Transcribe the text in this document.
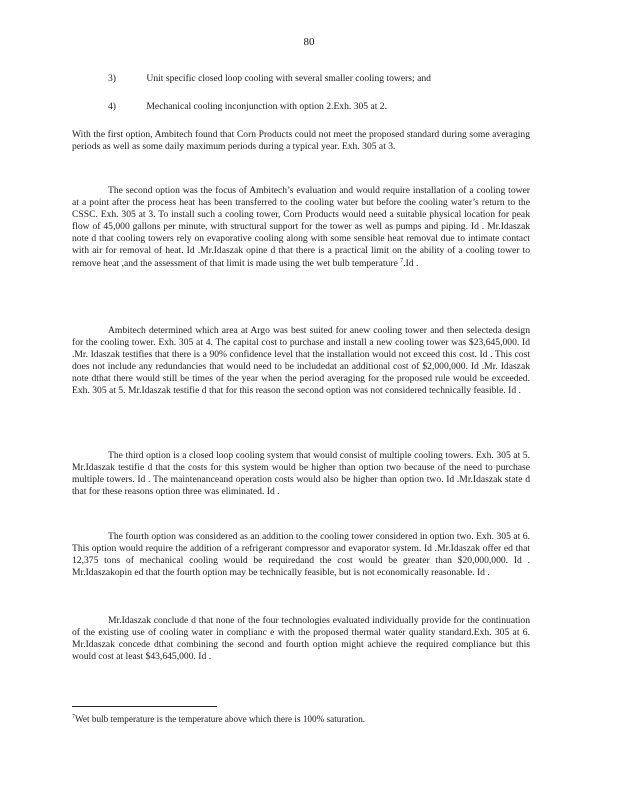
80
3)	Unit specific closed loop cooling with several smaller cooling towers; and
4)	Mechanical cooling inconjunction with option 2.Exh. 305 at 2.

With the first option, Ambitech found that Corn Products could not meet the proposed standard during some averaging periods as well as some daily maximum periods during a typical year. Exh. 305 at 3.

The second option was the focus of Ambitech’s evaluation and would require installation of a cooling tower at a point after the process heat has been transferred to the cooling water but before the cooling water’s return to the CSSC. Exh. 305 at 3. To install such a cooling tower, Corn Products would need a suitable physical location for peak flow of 45,000 gallons per minute, with structural support for the tower as well as pumps and piping. Id . Mr.Idaszak note d that cooling towers rely on evaporative cooling along with some sensible heat removal due to intimate contact with air for removal of heat. Id .Mr.Idaszak opine d that there is a practical limit on the ability of a cooling tower to remove heat ,and the assessment of that limit is made using the wet bulb temperature $^7$.Id .

Ambitech determined which area at Argo was best suited for anew cooling tower and then selecteda design for the cooling tower. Exh. 305 at 4. The capital cost to purchase and install a new cooling tower was $23,645,000. Id .Mr. Idaszak testifies that there is a 90% confidence level that the installation would not exceed this cost. Id . This cost does not include any redundancies that would need to be includedat an additional cost of $2,000,000. Id .Mr. Idaszak note dthat there would still be times of the year when the period averaging for the proposed rule would be exceeded. Exh. 305 at 5. Mr.Idaszak testifie d that for this reason the second option was not considered technically feasible. Id .

The third option is a closed loop cooling system that would consist of multiple cooling towers. Exh. 305 at 5. Mr.Idaszak testifie d that the costs for this system would be higher than option two because of the need to purchase multiple towers. Id . The maintenanceand operation costs would also be higher than option two. Id .Mr.Idaszak state d that for these reasons option three was eliminated. Id .

The fourth option was considered as an addition to the cooling tower considered in option two. Exh. 305 at 6. This option would require the addition of a refrigerant compressor and evaporator system. Id .Mr.Idaszak offer ed that 12,375 tons of mechanical cooling would be requiredand the cost would be greater than $20,000,000. Id . Mr.Idaszakopin ed that the fourth option may be technically feasible, but is not economically reasonable. Id .

Mr.Idaszak conclude d that none of the four technologies evaluated individually provide for the continuation of the existing use of cooling water in complianc e with the proposed thermal water quality standard.Exh. 305 at 6. Mr.Idaszak concede dthat combining the second and fourth option might achieve the required compliance but this would cost at least $43,645,000. Id .

$^7$Wet bulb temperature is the temperature above which there is 100% saturation.
